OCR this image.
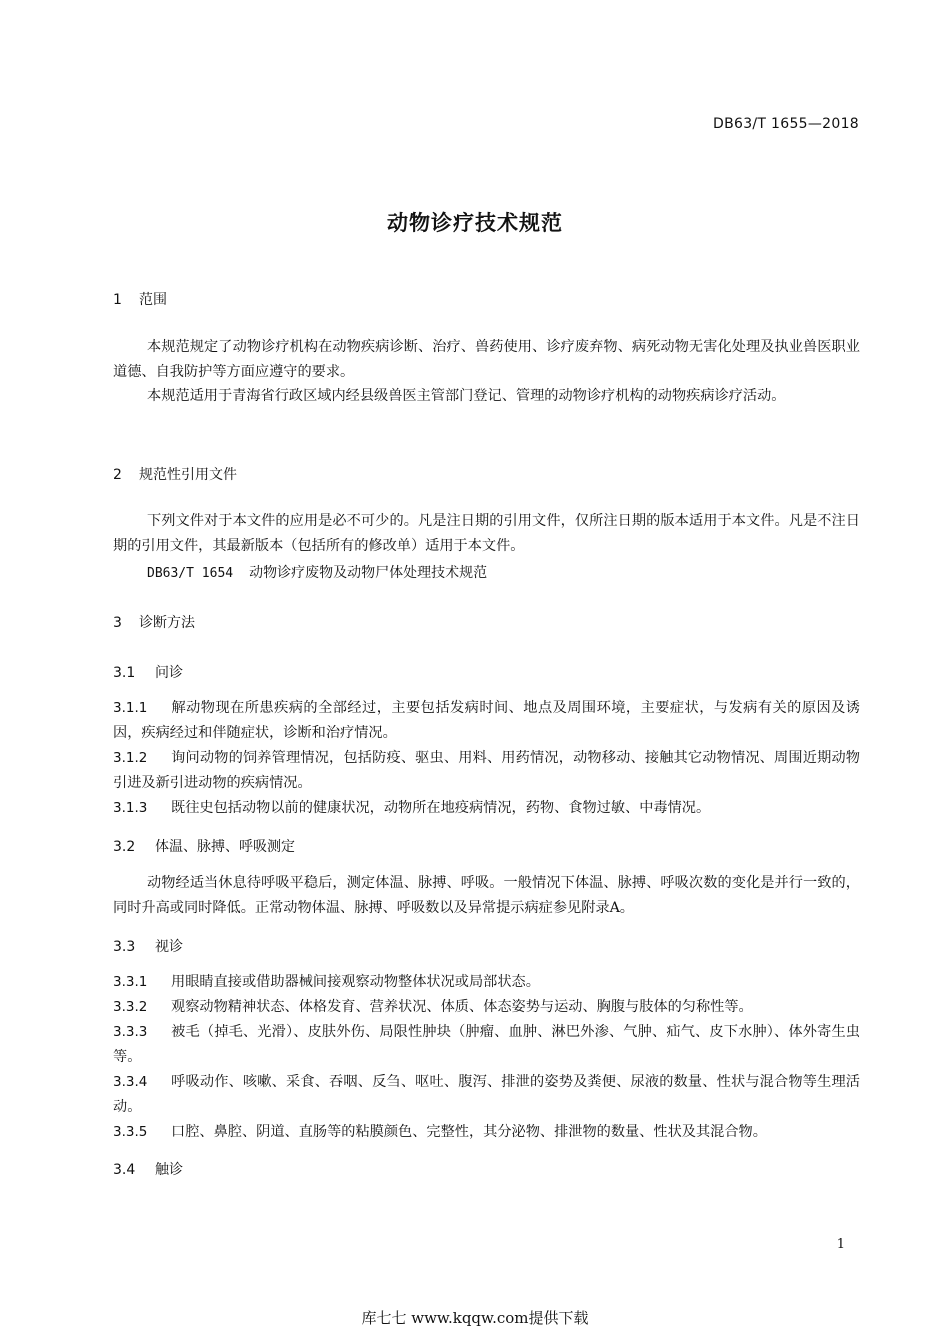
DB63/T 1655—2018
动物诊疗技术规范
1 范围
本规范规定了动物诊疗机构在动物疾病诊断、治疗、兽药使用、诊疗废弃物、病死动物无害化处理及执业兽医职业道德、自我防护等方面应遵守的要求。
本规范适用于青海省行政区域内经县级兽医主管部门登记、管理的动物诊疗机构的动物疾病诊疗活动。
2 规范性引用文件
下列文件对于本文件的应用是必不可少的。凡是注日期的引用文件，仅所注日期的版本适用于本文件。凡是不注日期的引用文件，其最新版本（包括所有的修改单）适用于本文件。
DB63/T 1654 动物诊疗废物及动物尸体处理技术规范
3 诊断方法
3.1 问诊
3.1.1 解动物现在所患疾病的全部经过，主要包括发病时间、地点及周围环境，主要症状，与发病有关的原因及诱因，疾病经过和伴随症状，诊断和治疗情况。
3.1.2 询问动物的饲养管理情况，包括防疫、驱虫、用料、用药情况，动物移动、接触其它动物情况、周围近期动物引进及新引进动物的疾病情况。
3.1.3 既往史包括动物以前的健康状况，动物所在地疫病情况，药物、食物过敏、中毒情况。
3.2 体温、脉搏、呼吸测定
动物经适当休息待呼吸平稳后，测定体温、脉搏、呼吸。一般情况下体温、脉搏、呼吸次数的变化是并行一致的，同时升高或同时降低。正常动物体温、脉搏、呼吸数以及异常提示病症参见附录A。
3.3 视诊
3.3.1 用眼睛直接或借助器械间接观察动物整体状况或局部状态。
3.3.2 观察动物精神状态、体格发育、营养状况、体质、体态姿势与运动、胸腹与肢体的匀称性等。
3.3.3 被毛（掉毛、光滑）、皮肤外伤、局限性肿块（肿瘤、血肿、淋巴外渗、气肿、疝气、皮下水肿）、体外寄生虫等。
3.3.4 呼吸动作、咳嗽、采食、吞咽、反刍、呕吐、腹泻、排泄的姿势及粪便、尿液的数量、性状与混合物等生理活动。
3.3.5 口腔、鼻腔、阴道、直肠等的粘膜颜色、完整性，其分泌物、排泄物的数量、性状及其混合物。
3.4 触诊
1
库七七 www.kqqw.com提供下载
